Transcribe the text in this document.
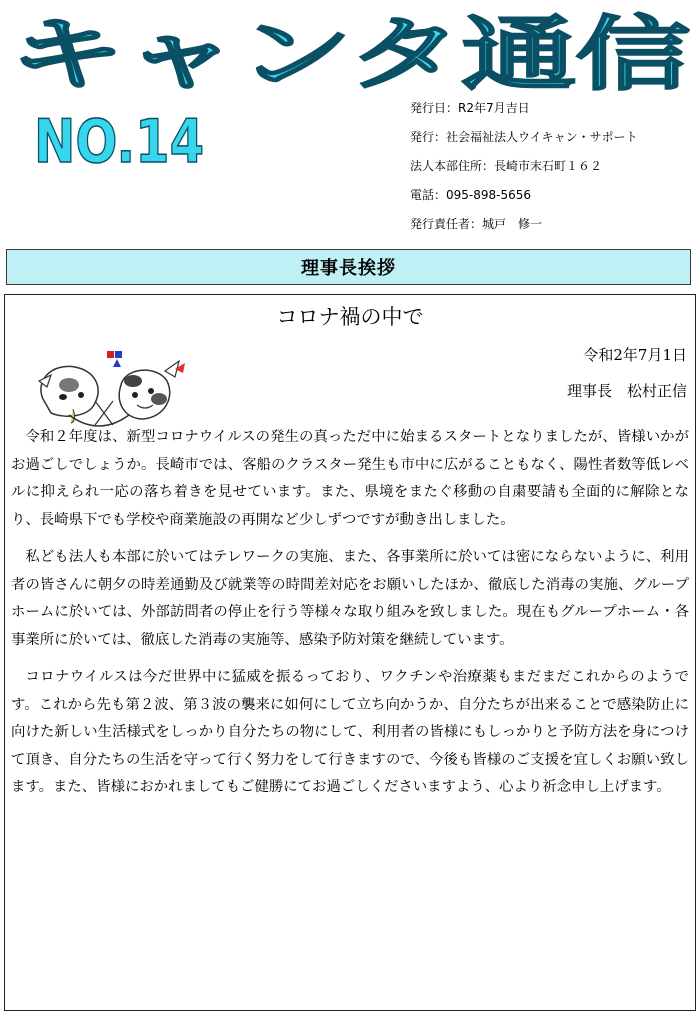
キャンタ通信
NO.14	発行日：R2年7月吉日
発行：社会福祉法人ウイキャン・サポート
法人本部住所：長崎市末石町１６２
電話：095-898-5656
発行責任者：城戸　修一
理事長挨拶
コロナ禍の中で
令和2年7月1日
理事長　松村正信

令和２年度は、新型コロナウイルスの発生の真っただ中に始まるスタートとなりましたが、皆様いかがお過ごしでしょうか。長崎市では、客船のクラスター発生も市中に広がることもなく、陽性者数等低レベルに抑えられ一応の落ち着きを見せています。また、県境をまたぐ移動の自粛要請も全面的に解除となり、長崎県下でも学校や商業施設の再開など少しずつですが動き出しました。

私ども法人も本部に於いてはテレワークの実施、また、各事業所に於いては密にならないように、利用者の皆さんに朝夕の時差通勤及び就業等の時間差対応をお願いしたほか、徹底した消毒の実施、グループホームに於いては、外部訪問者の停止を行う等様々な取り組みを致しました。現在もグループホーム・各事業所に於いては、徹底した消毒の実施等、感染予防対策を継続しています。

コロナウイルスは今だ世界中に猛威を振るっており、ワクチンや治療薬もまだまだこれからのようです。これから先も第２波、第３波の襲来に如何にして立ち向かうか、自分たちが出来ることで感染防止に向けた新しい生活様式をしっかり自分たちの物にして、利用者の皆様にもしっかりと予防方法を身につけて頂き、自分たちの生活を守って行く努力をして行きますので、今後も皆様のご支援を宜しくお願い致します。また、皆様におかれましてもご健勝にてお過ごしくださいますよう、心より祈念申し上げます。
